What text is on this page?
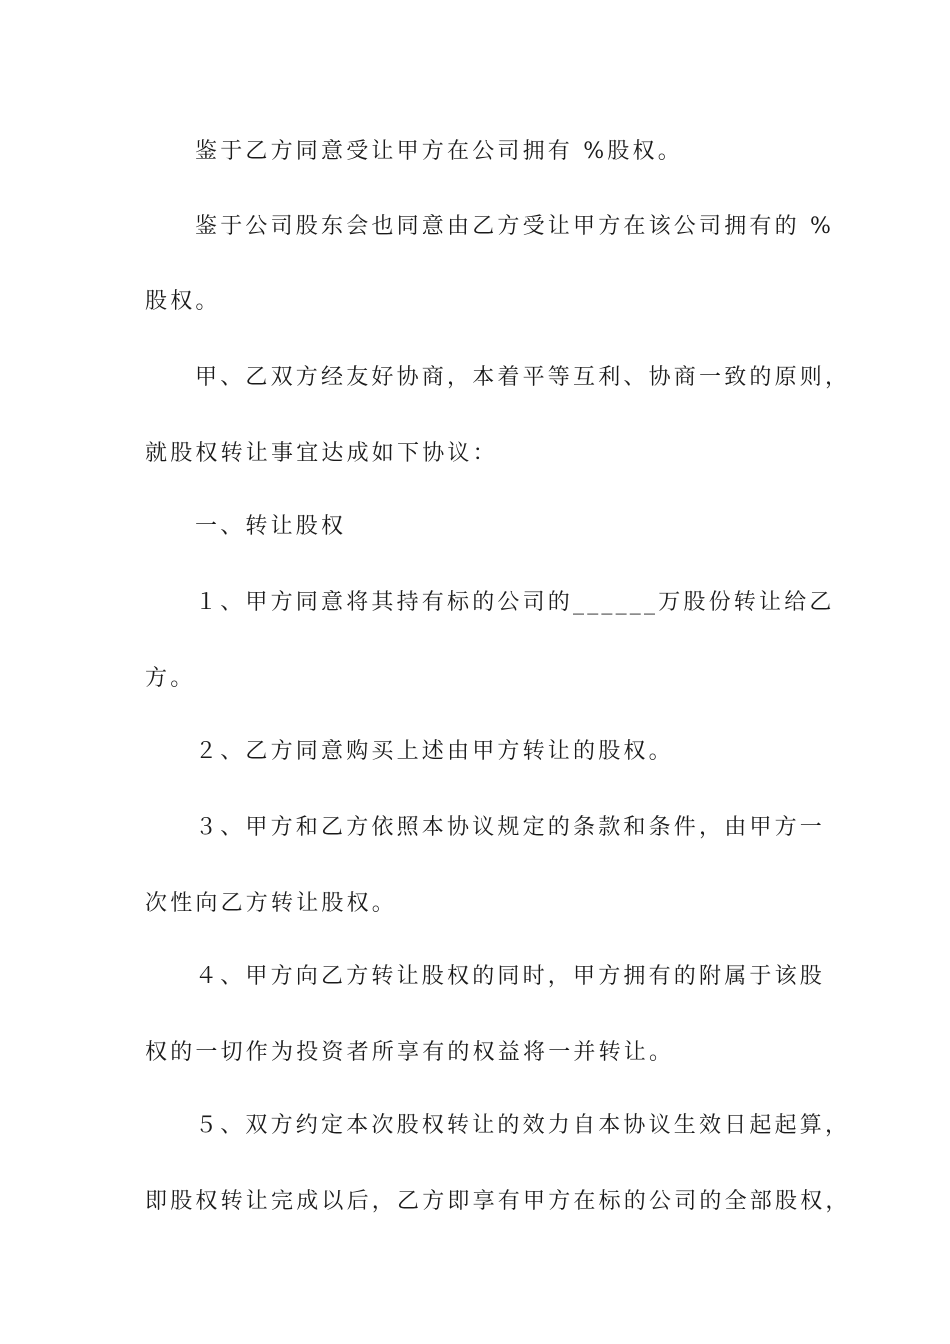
鉴于乙方同意受让甲方在公司拥有 %股权。

鉴于公司股东会也同意由乙方受让甲方在该公司拥有的 %

股权。

甲、乙双方经友好协商，本着平等互利、协商一致的原则，

就股权转让事宜达成如下协议：

一、转让股权

１、甲方同意将其持有标的公司的______万股份转让给乙

方。

２、乙方同意购买上述由甲方转让的股权。

３、甲方和乙方依照本协议规定的条款和条件，由甲方一

次性向乙方转让股权。

４、甲方向乙方转让股权的同时，甲方拥有的附属于该股

权的一切作为投资者所享有的权益将一并转让。

５、双方约定本次股权转让的效力自本协议生效日起起算，

即股权转让完成以后，乙方即享有甲方在标的公司的全部股权，
